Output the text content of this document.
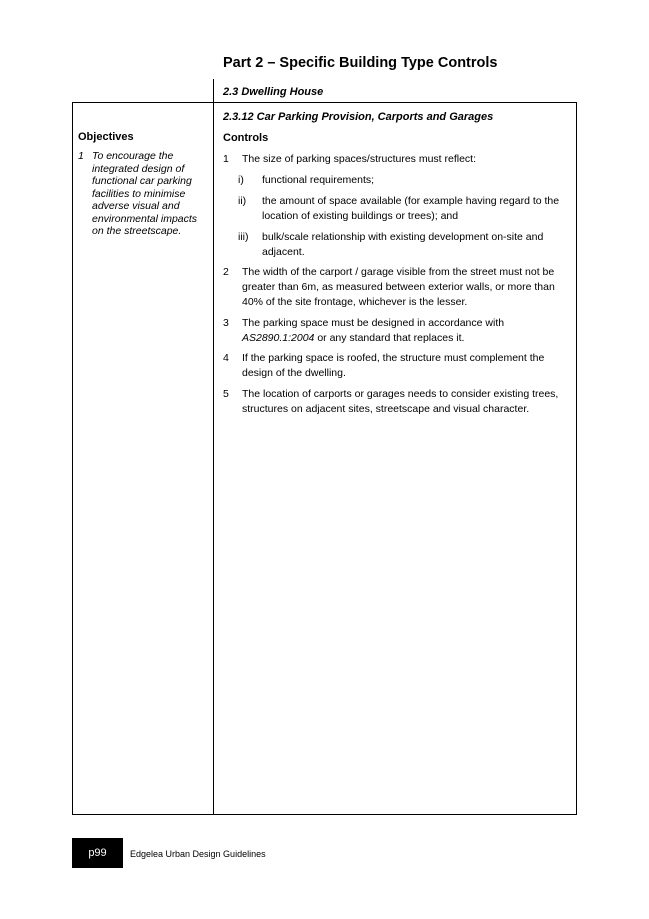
Part 2 – Specific Building Type Controls
2.3 Dwelling House
2.3.12 Car Parking Provision, Carports and Garages
Objectives
1 To encourage the integrated design of functional car parking facilities to minimise adverse visual and environmental impacts on the streetscape.
Controls
1 The size of parking spaces/structures must reflect:
i) functional requirements;
ii) the amount of space available (for example having regard to the location of existing buildings or trees); and
iii) bulk/scale relationship with existing development on-site and adjacent.
2 The width of the carport / garage visible from the street must not be greater than 6m, as measured between exterior walls, or more than 40% of the site frontage, whichever is the lesser.
3 The parking space must be designed in accordance with AS2890.1:2004 or any standard that replaces it.
4 If the parking space is roofed, the structure must complement the design of the dwelling.
5 The location of carports or garages needs to consider existing trees, structures on adjacent sites, streetscape and visual character.
p99	Edgelea Urban Design Guidelines
